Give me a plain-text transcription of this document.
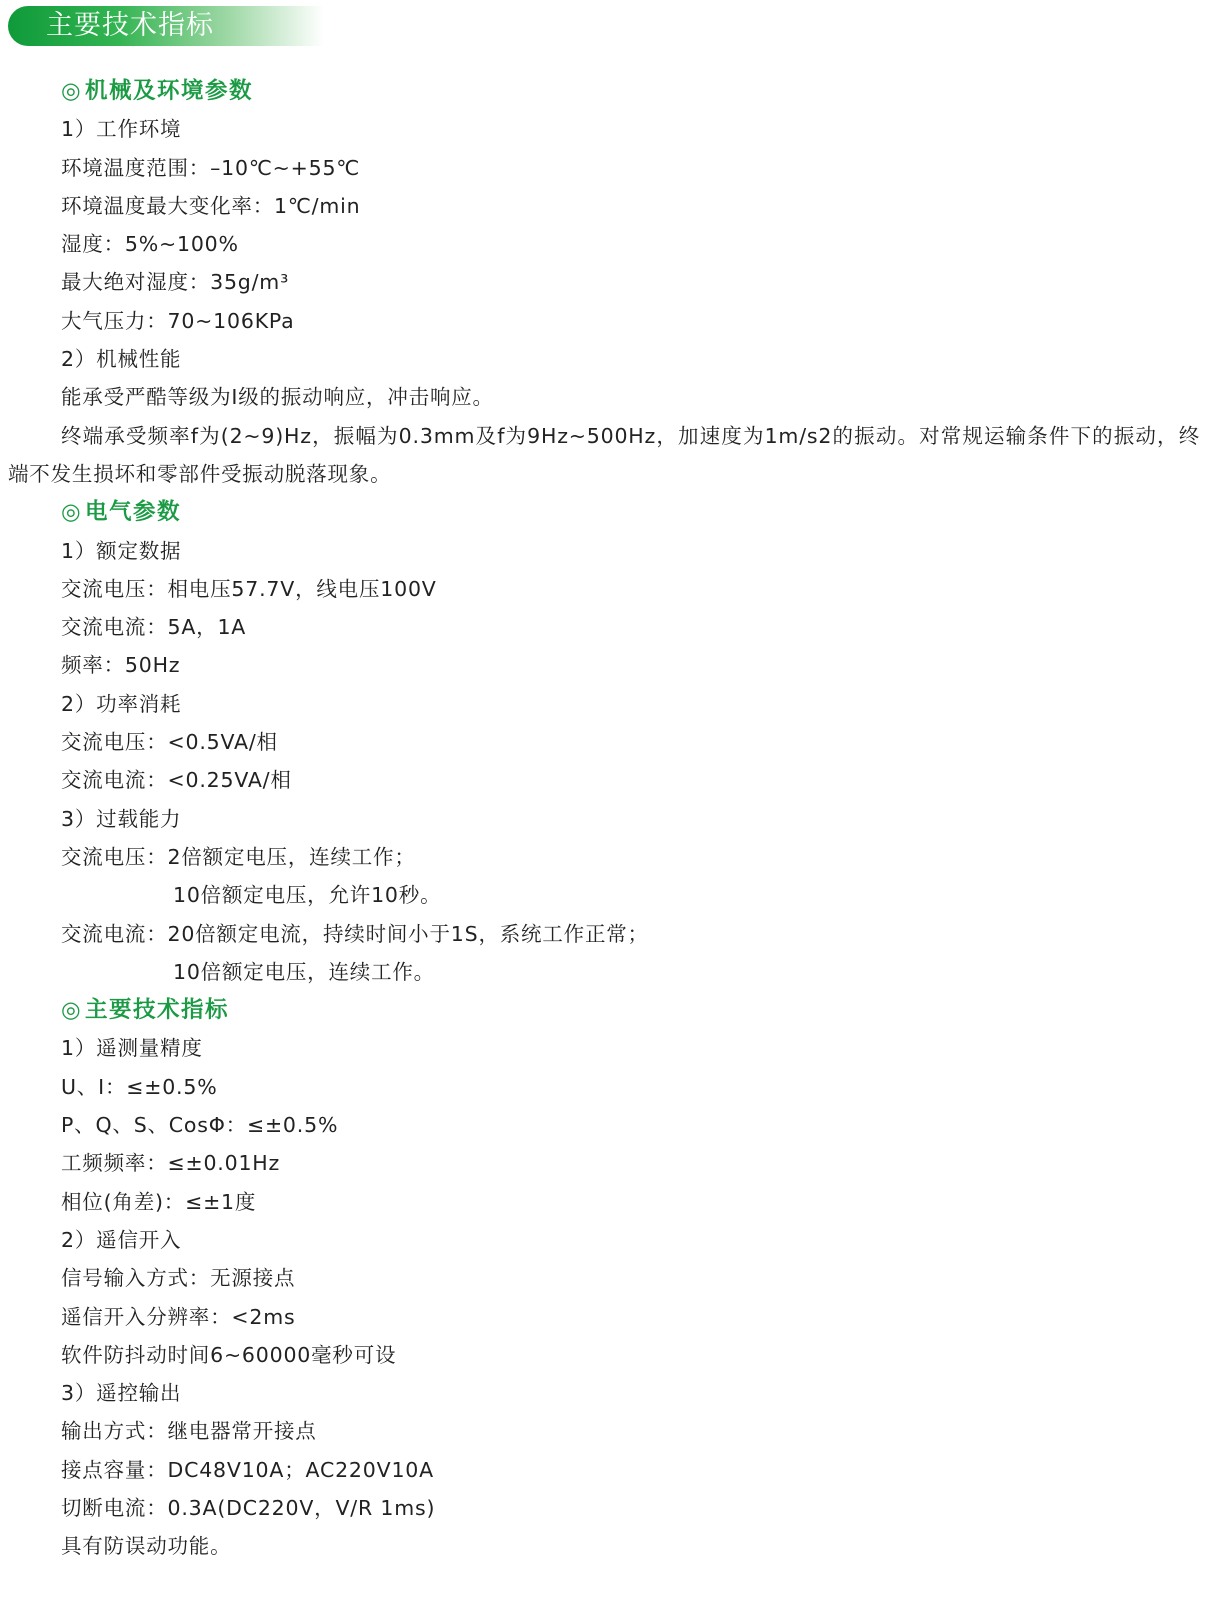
主要技术指标
◎ 机械及环境参数
1）工作环境
环境温度范围：–10℃~+55℃
环境温度最大变化率：1℃/min
湿度：5%~100%
最大绝对湿度：35g/m³
大气压力：70~106KPa
2）机械性能
能承受严酷等级为I级的振动响应，冲击响应。
终端承受频率f为(2~9)Hz，振幅为0.3mm及f为9Hz~500Hz，加速度为1m/s2的振动。对常规运输条件下的振动，终端不发生损坏和零部件受振动脱落现象。
◎ 电气参数
1）额定数据
交流电压：相电压57.7V，线电压100V
交流电流：5A，1A
频率：50Hz
2）功率消耗
交流电压：<0.5VA/相
交流电流：<0.25VA/相
3）过载能力
交流电压：2倍额定电压，连续工作；
10倍额定电压，允许10秒。
交流电流：20倍额定电流，持续时间小于1S，系统工作正常；
10倍额定电压，连续工作。
◎ 主要技术指标
1）遥测量精度
U、I：≤±0.5%
P、Q、S、CosΦ：≤±0.5%
工频频率：≤±0.01Hz
相位(角差)：≤±1度
2）遥信开入
信号输入方式：无源接点
遥信开入分辨率：<2ms
软件防抖动时间6~60000毫秒可设
3）遥控输出
输出方式：继电器常开接点
接点容量：DC48V10A；AC220V10A
切断电流：0.3A(DC220V，V/R 1ms)
具有防误动功能。
